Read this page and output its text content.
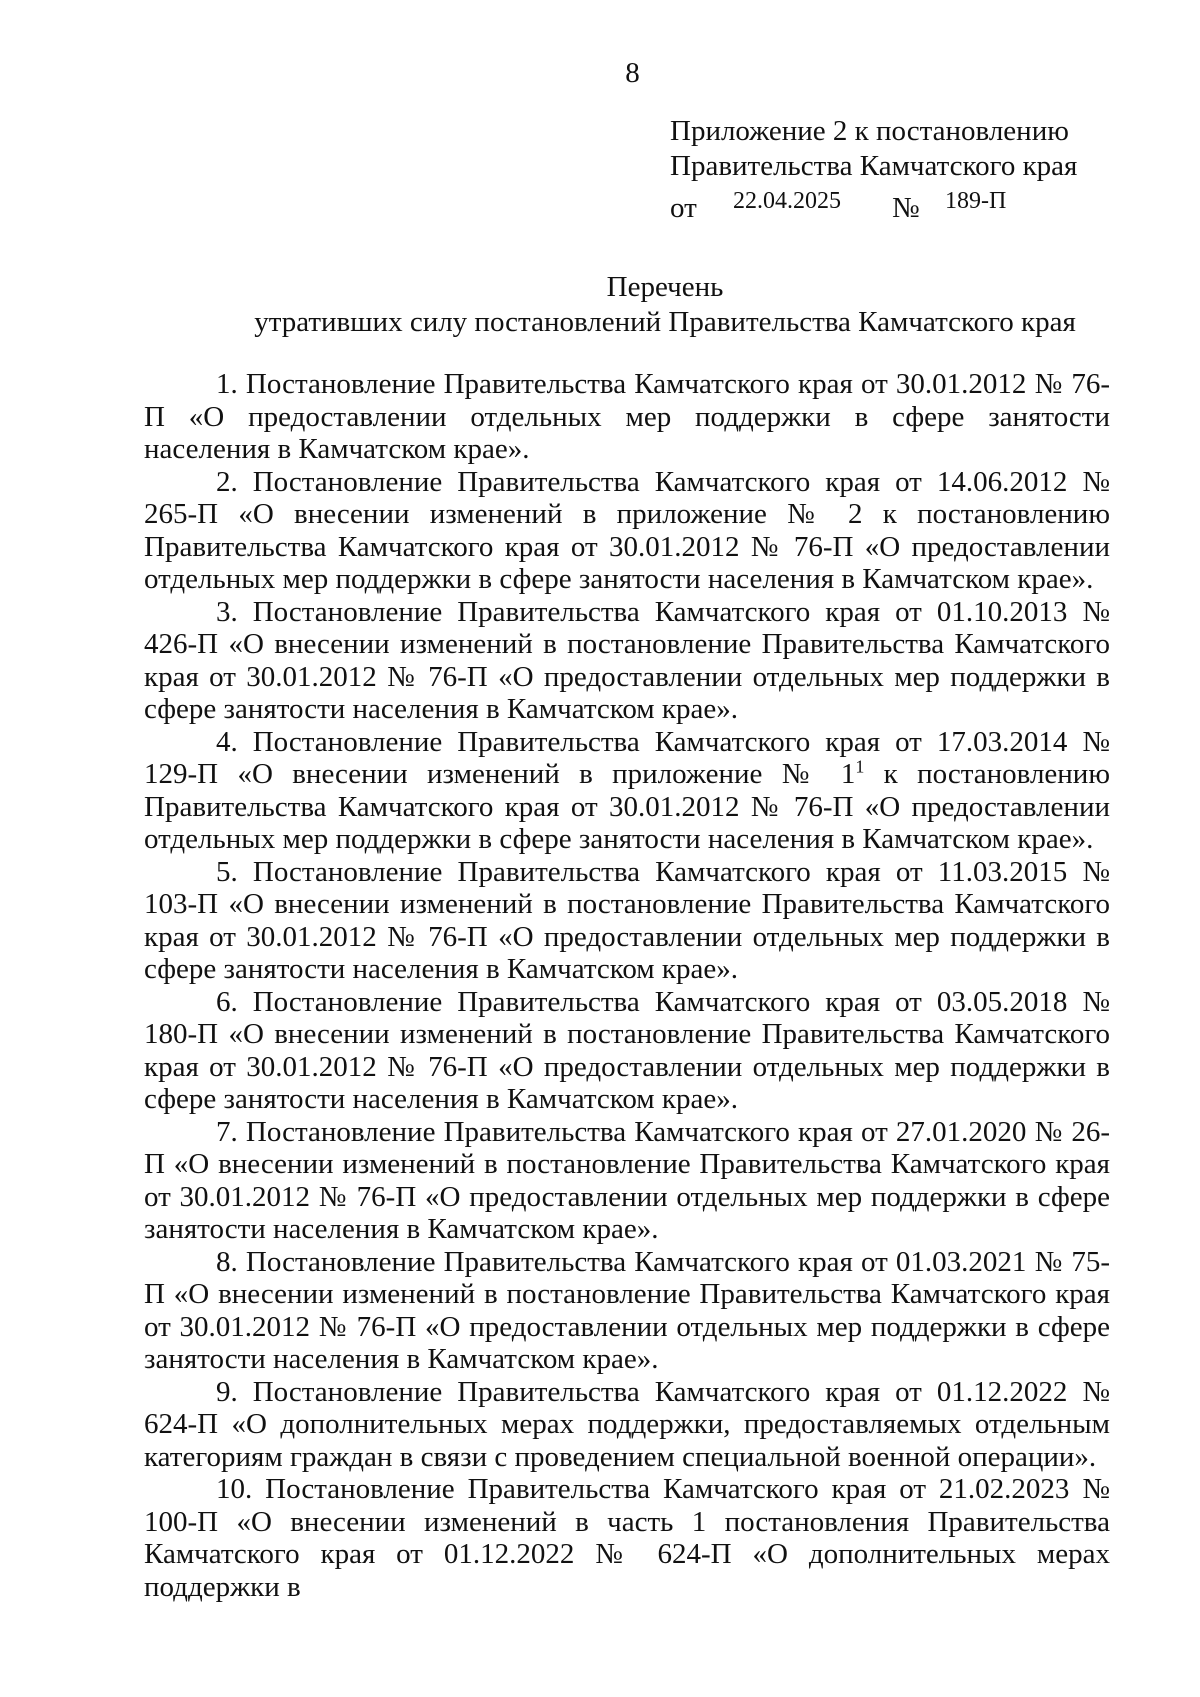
8
Приложение 2 к постановлению
Правительства Камчатского края
от 22.04.2025 № 189-П
Перечень
утративших силу постановлений Правительства Камчатского края

1. Постановление Правительства Камчатского края от 30.01.2012 № 76-П «О предоставлении отдельных мер поддержки в сфере занятости населения в Камчатском крае».

2. Постановление Правительства Камчатского края от 14.06.2012 № 265-П «О внесении изменений в приложение № 2 к постановлению Правительства Камчатского края от 30.01.2012 № 76-П «О предоставлении отдельных мер поддержки в сфере занятости населения в Камчатском крае».

3. Постановление Правительства Камчатского края от 01.10.2013 № 426-П «О внесении изменений в постановление Правительства Камчатского края от 30.01.2012 № 76-П «О предоставлении отдельных мер поддержки в сфере занятости населения в Камчатском крае».

4. Постановление Правительства Камчатского края от 17.03.2014 № 129-П «О внесении изменений в приложение № $1^1$ к постановлению Правительства Камчатского края от 30.01.2012 № 76-П «О предоставлении отдельных мер поддержки в сфере занятости населения в Камчатском крае».

5. Постановление Правительства Камчатского края от 11.03.2015 № 103-П «О внесении изменений в постановление Правительства Камчатского края от 30.01.2012 № 76-П «О предоставлении отдельных мер поддержки в сфере занятости населения в Камчатском крае».

6. Постановление Правительства Камчатского края от 03.05.2018 № 180-П «О внесении изменений в постановление Правительства Камчатского края от 30.01.2012 № 76-П «О предоставлении отдельных мер поддержки в сфере занятости населения в Камчатском крае».

7. Постановление Правительства Камчатского края от 27.01.2020 № 26-П «О внесении изменений в постановление Правительства Камчатского края от 30.01.2012 № 76-П «О предоставлении отдельных мер поддержки в сфере занятости населения в Камчатском крае».

8. Постановление Правительства Камчатского края от 01.03.2021 № 75-П «О внесении изменений в постановление Правительства Камчатского края от 30.01.2012 № 76-П «О предоставлении отдельных мер поддержки в сфере занятости населения в Камчатском крае».

9. Постановление Правительства Камчатского края от 01.12.2022 № 624-П «О дополнительных мерах поддержки, предоставляемых отдельным категориям граждан в связи с проведением специальной военной операции».

10. Постановление Правительства Камчатского края от 21.02.2023 № 100-П «О внесении изменений в часть 1 постановления Правительства Камчатского края от 01.12.2022 № 624-П «О дополнительных мерах поддержки в
